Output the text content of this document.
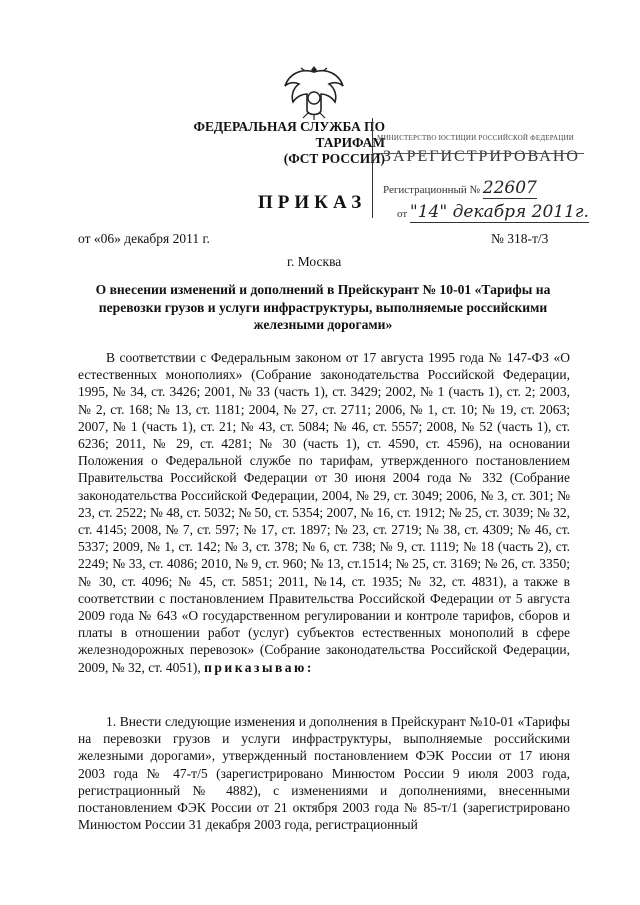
ФЕДЕРАЛЬНАЯ СЛУЖБА ПО ТАРИФАМ
(ФСТ РОССИИ)
МИНИСТЕРСТВО ЮСТИЦИИ РОССИЙСКОЙ ФЕДЕРАЦИИ
ЗАРЕГИСТРИРОВАНО
Регистрационный № 22607
от "14" декабря 2011г.
ПРИКАЗ
от «06» декабря 2011 г.	№ 318-т/3
г. Москва
О внесении изменений и дополнений в Прейскурант № 10-01 «Тарифы на перевозки грузов и услуги инфраструктуры, выполняемые российскими железными дорогами»

В соответствии с Федеральным законом от 17 августа 1995 года № 147-ФЗ «О естественных монополиях» (Собрание законодательства Российской Федерации, 1995, № 34, ст. 3426; 2001, № 33 (часть 1), ст. 3429; 2002, № 1 (часть 1), ст. 2; 2003, № 2, ст. 168; № 13, ст. 1181; 2004, № 27, ст. 2711; 2006, № 1, ст. 10; № 19, ст. 2063; 2007, № 1 (часть 1), ст. 21; № 43, ст. 5084; № 46, ст. 5557; 2008, № 52 (часть 1), ст. 6236; 2011, № 29, ст. 4281; № 30 (часть 1), ст. 4590, ст. 4596), на основании Положения о Федеральной службе по тарифам, утвержденного постановлением Правительства Российской Федерации от 30 июня 2004 года № 332 (Собрание законодательства Российской Федерации, 2004, № 29, ст. 3049; 2006, № 3, ст. 301; № 23, ст. 2522; № 48, ст. 5032; № 50, ст. 5354; 2007, № 16, ст. 1912; № 25, ст. 3039; № 32, ст. 4145; 2008, № 7, ст. 597; № 17, ст. 1897; № 23, ст. 2719; № 38, ст. 4309; № 46, ст. 5337; 2009, № 1, ст. 142; № 3, ст. 378; № 6, ст. 738; № 9, ст. 1119; № 18 (часть 2), ст. 2249; № 33, ст. 4086; 2010, № 9, ст. 960; № 13, ст.1514; № 25, ст. 3169; № 26, ст. 3350; № 30, ст. 4096; № 45, ст. 5851; 2011, №14, ст. 1935; № 32, ст. 4831), а также в соответствии с постановлением Правительства Российской Федерации от 5 августа 2009 года № 643 «О государственном регулировании и контроле тарифов, сборов и платы в отношении работ (услуг) субъектов естественных монополий в сфере железнодорожных перевозок» (Собрание законодательства Российской Федерации, 2009, № 32, ст. 4051), приказываю:

1. Внести следующие изменения и дополнения в Прейскурант №10-01 «Тарифы на перевозки грузов и услуги инфраструктуры, выполняемые российскими железными дорогами», утвержденный постановлением ФЭК России от 17 июня 2003 года № 47-т/5 (зарегистрировано Минюстом России 9 июля 2003 года, регистрационный № 4882), с изменениями и дополнениями, внесенными постановлением ФЭК России от 21 октября 2003 года № 85-т/1 (зарегистрировано Минюстом России 31 декабря 2003 года, регистрационный
